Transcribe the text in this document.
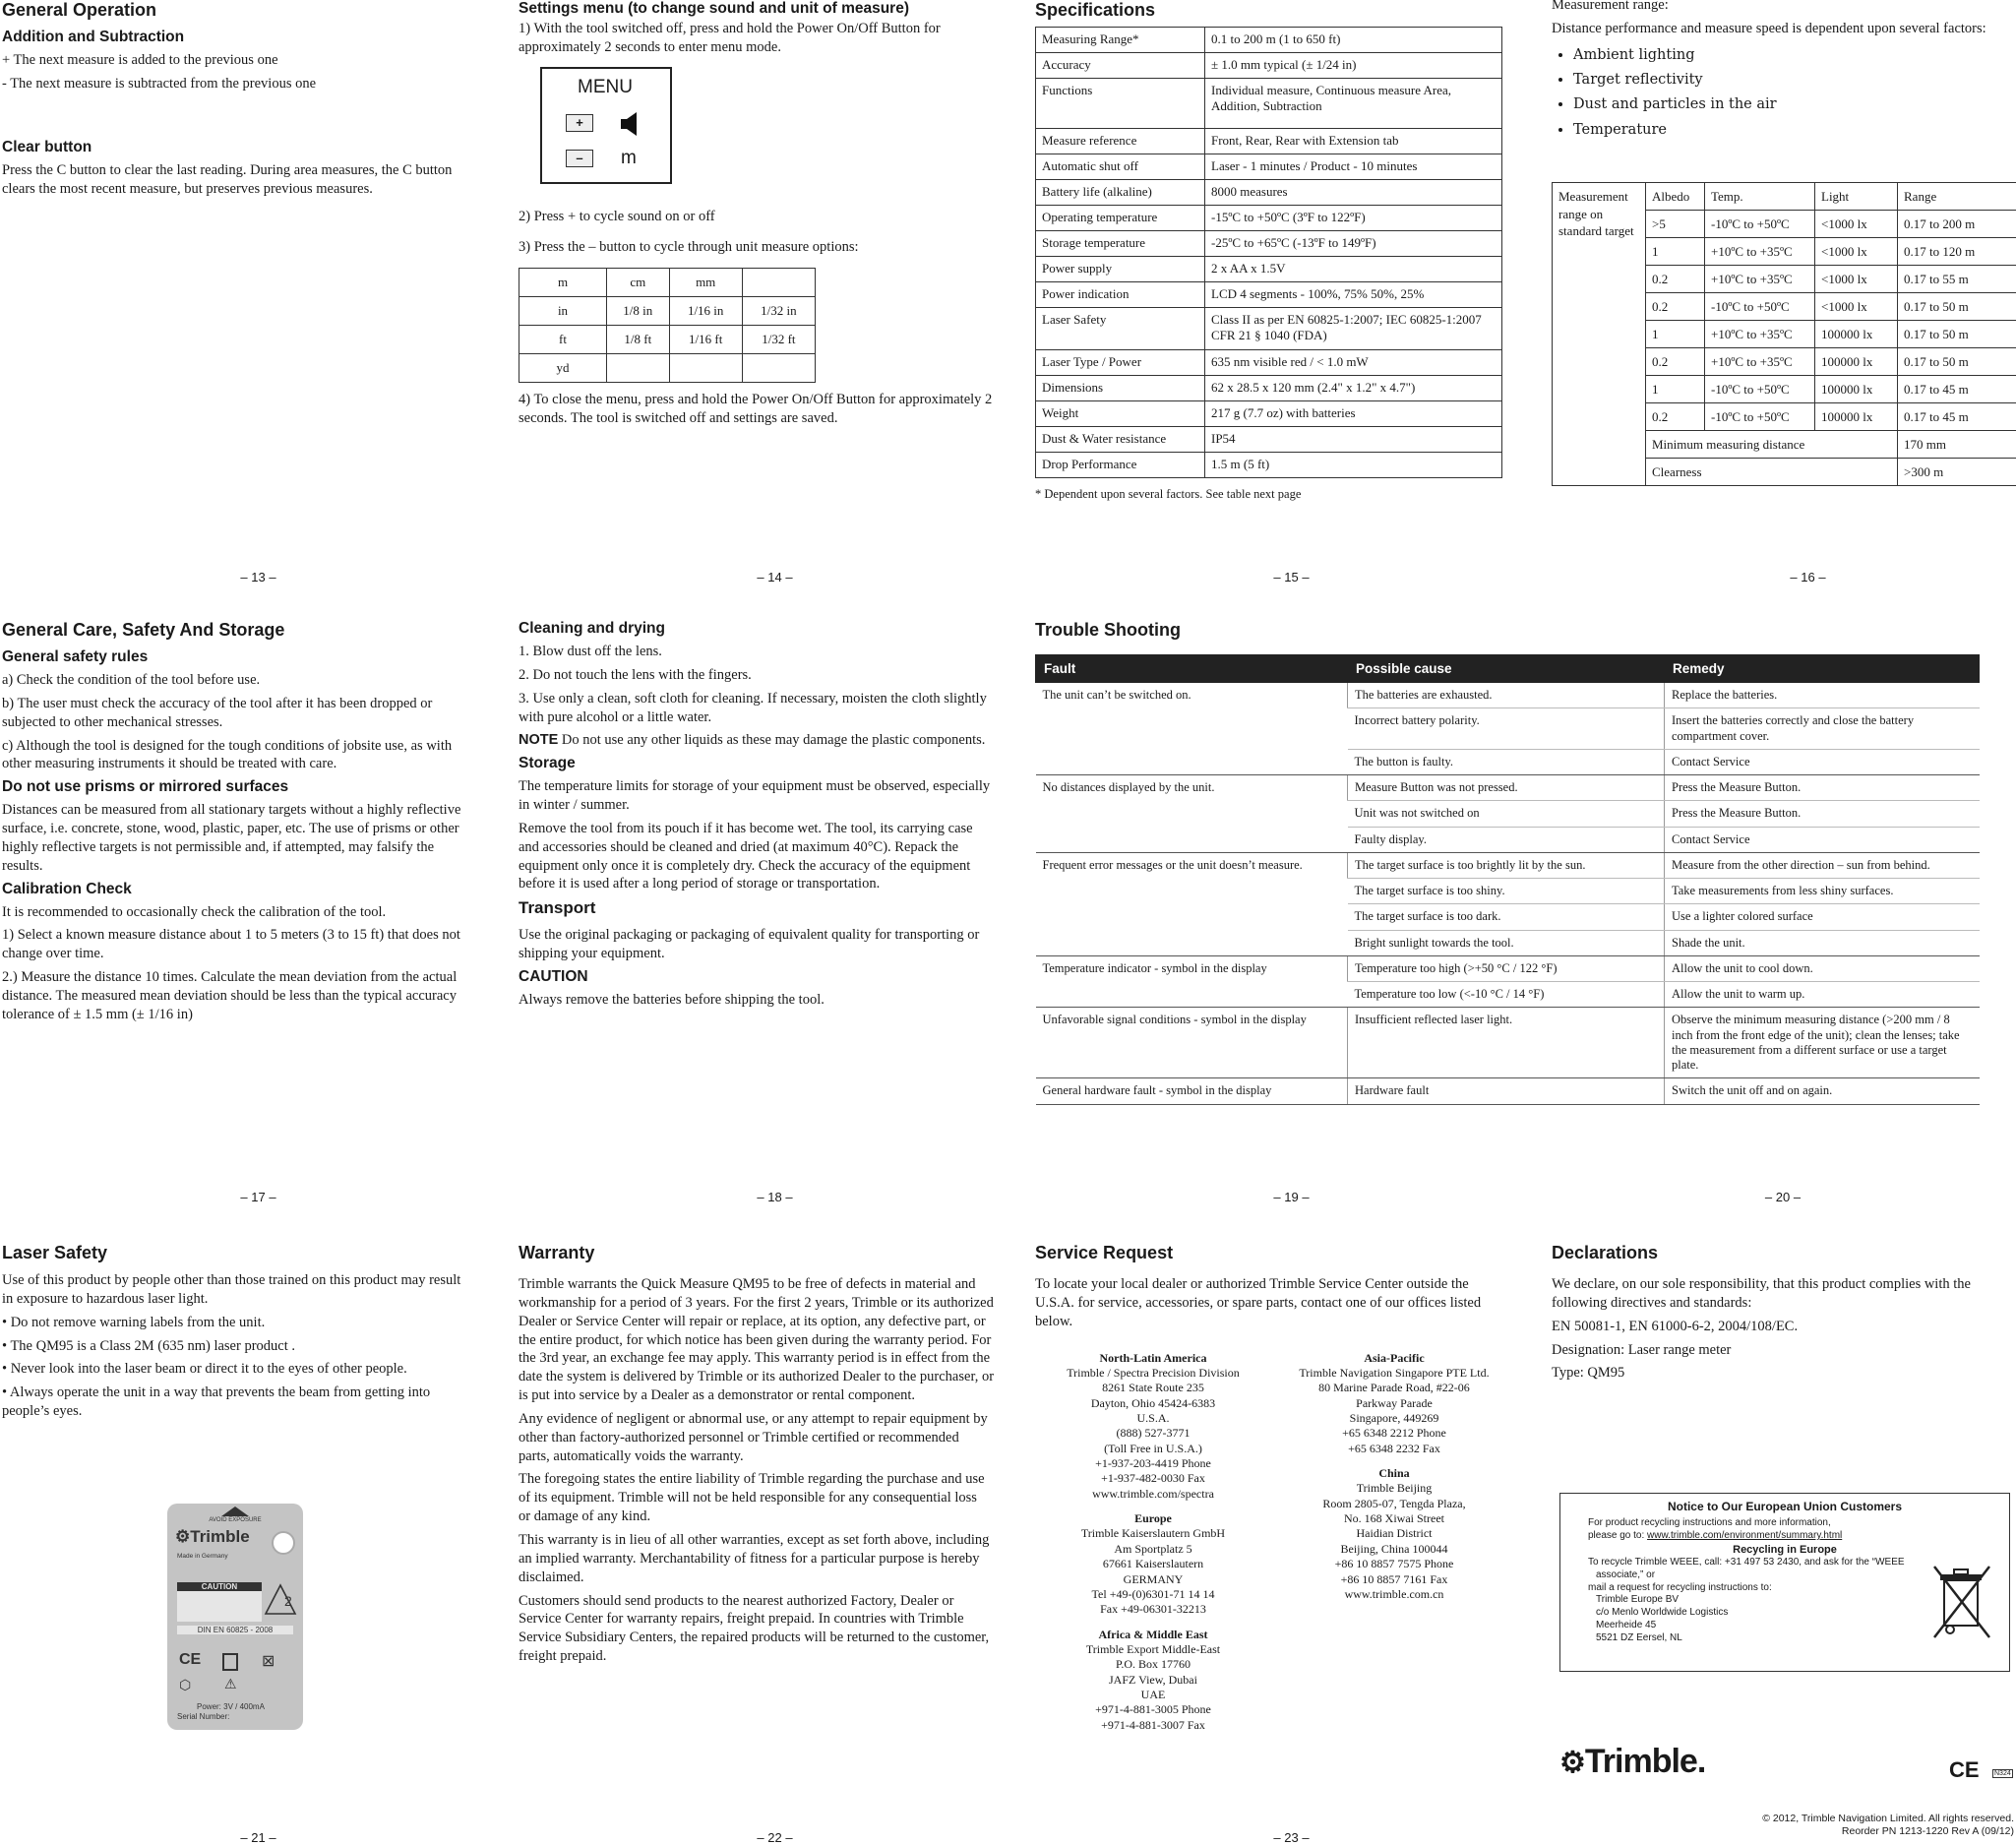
General Operation
Addition and Subtraction

+ The next measure is added to the previous one

- The next measure is subtracted from the previous one

Clear button

Press the C button to clear the last reading. During area measures, the C button clears the most recent measure, but preserves previous measures.

– 13 –
Settings menu (to change sound and unit of measure)

1) With the tool switched off, press and hold the Power On/Off Button for approximately 2 seconds to enter menu mode.

MENU
+
–	m

2) Press + to cycle sound on or off

3) Press the – button to cycle through unit measure options:

m	cm	mm	
in	1/8 in	1/16 in	1/32 in
ft	1/8 ft	1/16 ft	1/32 ft
yd			

4) To close the menu, press and hold the Power On/Off Button for approximately 2 seconds. The tool is switched off and settings are saved.

– 14 –
Specifications
Measuring Range*	0.1 to 200 m (1 to 650 ft)
Accuracy	± 1.0 mm typical (± 1/24 in)
Functions	Individual measure, Continuous measure Area, Addition, Subtraction
Measure reference	Front, Rear, Rear with Extension tab
Automatic shut off	Laser - 1 minutes / Product - 10 minutes
Battery life (alkaline)	8000 measures
Operating temperature	-15ºC to +50ºC (3ºF to 122ºF)
Storage temperature	-25ºC to +65ºC (-13ºF to 149ºF)
Power supply	2 x AA x 1.5V
Power indication	LCD 4 segments - 100%, 75% 50%, 25%
Laser Safety	Class II as per EN 60825-1:2007; IEC 60825-1:2007 CFR 21 § 1040 (FDA)
Laser Type / Power	635 nm visible red / < 1.0 mW
Dimensions	62 x 28.5 x 120 mm (2.4" x 1.2" x 4.7")
Weight	217 g (7.7 oz) with batteries
Dust & Water resistance	IP54
Drop Performance	1.5 m (5 ft)

* Dependent upon several factors. See table next page

– 15 –

Measurement range:

Distance performance and measure speed is dependent upon several factors:

• Ambient lighting
• Target reflectivity
• Dust and particles in the air
• Temperature
Measurement range on standard target	Albedo	Temp.	Light	Range
	>5	-10ºC to +50ºC	<1000 lx	0.17 to 200 m
	1	+10ºC to +35ºC	<1000 lx	0.17 to 120 m
	0.2	+10ºC to +35ºC	<1000 lx	0.17 to 55 m
	0.2	-10ºC to +50ºC	<1000 lx	0.17 to 50 m
	1	+10ºC to +35ºC	100000 lx	0.17 to 50 m
	0.2	+10ºC to +35ºC	100000 lx	0.17 to 50 m
	1	-10ºC to +50ºC	100000 lx	0.17 to 45 m
	0.2	-10ºC to +50ºC	100000 lx	0.17 to 45 m
	Minimum measuring distance			170 mm
	Clearness			>300 m
– 16 –
General Care, Safety And Storage
General safety rules

a) Check the condition of the tool before use.

b) The user must check the accuracy of the tool after it has been dropped or subjected to other mechanical stresses.

c) Although the tool is designed for the tough conditions of jobsite use, as with other measuring instruments it should be treated with care.

Do not use prisms or mirrored surfaces

Distances can be measured from all stationary targets without a highly reflective surface, i.e. concrete, stone, wood, plastic, paper, etc. The use of prisms or other highly reflective targets is not permissible and, if attempted, may falsify the results.

Calibration Check

It is recommended to occasionally check the calibration of the tool.

1) Select a known measure distance about 1 to 5 meters (3 to 15 ft) that does not change over time.

2.) Measure the distance 10 times. Calculate the mean deviation from the actual distance. The measured mean deviation should be less than the typical accuracy tolerance of ± 1.5 mm (± 1/16 in)

– 17 –
Cleaning and drying

1. Blow dust off the lens.

2. Do not touch the lens with the fingers.

3. Use only a clean, soft cloth for cleaning. If necessary, moisten the cloth slightly with pure alcohol or a little water.

NOTE Do not use any other liquids as these may damage the plastic components.

Storage

The temperature limits for storage of your equipment must be observed, especially in winter / summer.

Remove the tool from its pouch if it has become wet. The tool, its carrying case and accessories should be cleaned and dried (at maximum 40°C). Repack the equipment only once it is completely dry. Check the accuracy of the equipment before it is used after a long period of storage or transportation.

Transport

Use the original packaging or packaging of equivalent quality for transporting or shipping your equipment.

CAUTION

Always remove the batteries before shipping the tool.

– 18 –
Trouble Shooting
Fault	Possible cause	Remedy
The unit can’t be switched on.	The batteries are exhausted.	Replace the batteries.
	Incorrect battery polarity.	Insert the batteries correctly and close the battery compartment cover.
	The button is faulty.	Contact Service
No distances displayed by the unit.	Measure Button was not pressed.	Press the Measure Button.
	Unit was not switched on	Press the Measure Button.
	Faulty display.	Contact Service
Frequent error messages or the unit doesn’t measure.	The target surface is too brightly lit by the sun.	Measure from the other direction – sun from behind.
	The target surface is too shiny.	Take measurements from less shiny surfaces.
	The target surface is too dark.	Use a lighter colored surface
	Bright sunlight towards the tool.	Shade the unit.
Temperature indicator - symbol in the display	Temperature too high (>+50 °C / 122 °F)	Allow the unit to cool down.
	Temperature too low (<-10 °C / 14 °F)	Allow the unit to warm up.
Unfavorable signal conditions - symbol in the display	Insufficient reflected laser light.	Observe the minimum measuring distance (>200 mm / 8 inch from the front edge of the unit); clean the lenses; take the measurement from a different surface or use a target plate.
General hardware fault - symbol in the display	Hardware fault	Switch the unit off and on again.
– 19 –	– 20 –
Laser Safety

Use of this product by people other than those trained on this product may result in exposure to hazardous laser light.

• Do not remove warning labels from the unit.

• The QM95 is a Class 2M (635 nm) laser product .

• Never look into the laser beam or direct it to the eyes of other people.

• Always operate the unit in a way that prevents the beam from getting into people’s eyes.

AVOID EXPOSURE
⚙Trimble
Made in Germany
CAUTION
2
DIN EN 60825 - 2008
CE	⊠
⬡ ⚠
Power: 3V / 400mA
Serial Number:
– 21 –
Warranty

Trimble warrants the Quick Measure QM95 to be free of defects in material and workmanship for a period of 3 years. For the first 2 years, Trimble or its authorized Dealer or Service Center will repair or replace, at its option, any defective part, or the entire product, for which notice has been given during the warranty period. For the 3rd year, an exchange fee may apply. This warranty period is in effect from the date the system is delivered by Trimble or its authorized Dealer to the purchaser, or is put into service by a Dealer as a demonstrator or rental component.

Any evidence of negligent or abnormal use, or any attempt to repair equipment by other than factory-authorized personnel or Trimble certified or recommended parts, automatically voids the warranty.

The foregoing states the entire liability of Trimble regarding the purchase and use of its equipment. Trimble will not be held responsible for any consequential loss or damage of any kind.

This warranty is in lieu of all other warranties, except as set forth above, including an implied warranty. Merchantability of fitness for a particular purpose is hereby disclaimed.

Customers should send products to the nearest authorized Factory, Dealer or Service Center for warranty repairs, freight prepaid. In countries with Trimble Service Subsidiary Centers, the repaired products will be returned to the customer, freight prepaid.

– 22 –
Service Request

To locate your local dealer or authorized Trimble Service Center outside the U.S.A. for service, accessories, or spare parts, contact one of our offices listed below.

North-Latin America
Trimble / Spectra Precision Division
8261 State Route 235
Dayton, Ohio 45424-6383
U.S.A.
(888) 527-3771
(Toll Free in U.S.A.)
+1-937-203-4419 Phone
+1-937-482-0030 Fax
www.trimble.com/spectra
Europe
Trimble Kaiserslautern GmbH
Am Sportplatz 5
67661 Kaiserslautern
GERMANY
Tel +49-(0)6301-71 14 14
Fax +49-06301-32213
Africa & Middle East
Trimble Export Middle-East
P.O. Box 17760
JAFZ View, Dubai
UAE
+971-4-881-3005 Phone
+971-4-881-3007 Fax
Asia-Pacific
Trimble Navigation Singapore PTE Ltd.
80 Marine Parade Road, #22-06
Parkway Parade
Singapore, 449269
+65 6348 2212 Phone
+65 6348 2232 Fax
China
Trimble Beijing
Room 2805-07, Tengda Plaza,
No. 168 Xiwai Street
Haidian District
Beijing, China 100044
+86 10 8857 7575 Phone
+86 10 8857 7161 Fax
www.trimble.com.cn
– 23 –
Declarations

We declare, on our sole responsibility, that this product complies with the following directives and standards:

EN 50081-1, EN 61000-6-2, 2004/108/EC.

Designation: Laser range meter

Type: QM95

Notice to Our European Union Customers
For product recycling instructions and more information,
please go to: www.trimble.com/environment/summary.html
Recycling in Europe
To recycle Trimble WEEE, call: +31 497 53 2430, and ask for the “WEEE
associate,” or
mail a request for recycling instructions to:
Trimble Europe BV
c/o Menlo Worldwide Logistics
Meerheide 45
5521 DZ Eersel, NL
⚙Trimble.	CE N324
© 2012, Trimble Navigation Limited. All rights reserved.
Reorder PN 1213-1220 Rev A (09/12)
